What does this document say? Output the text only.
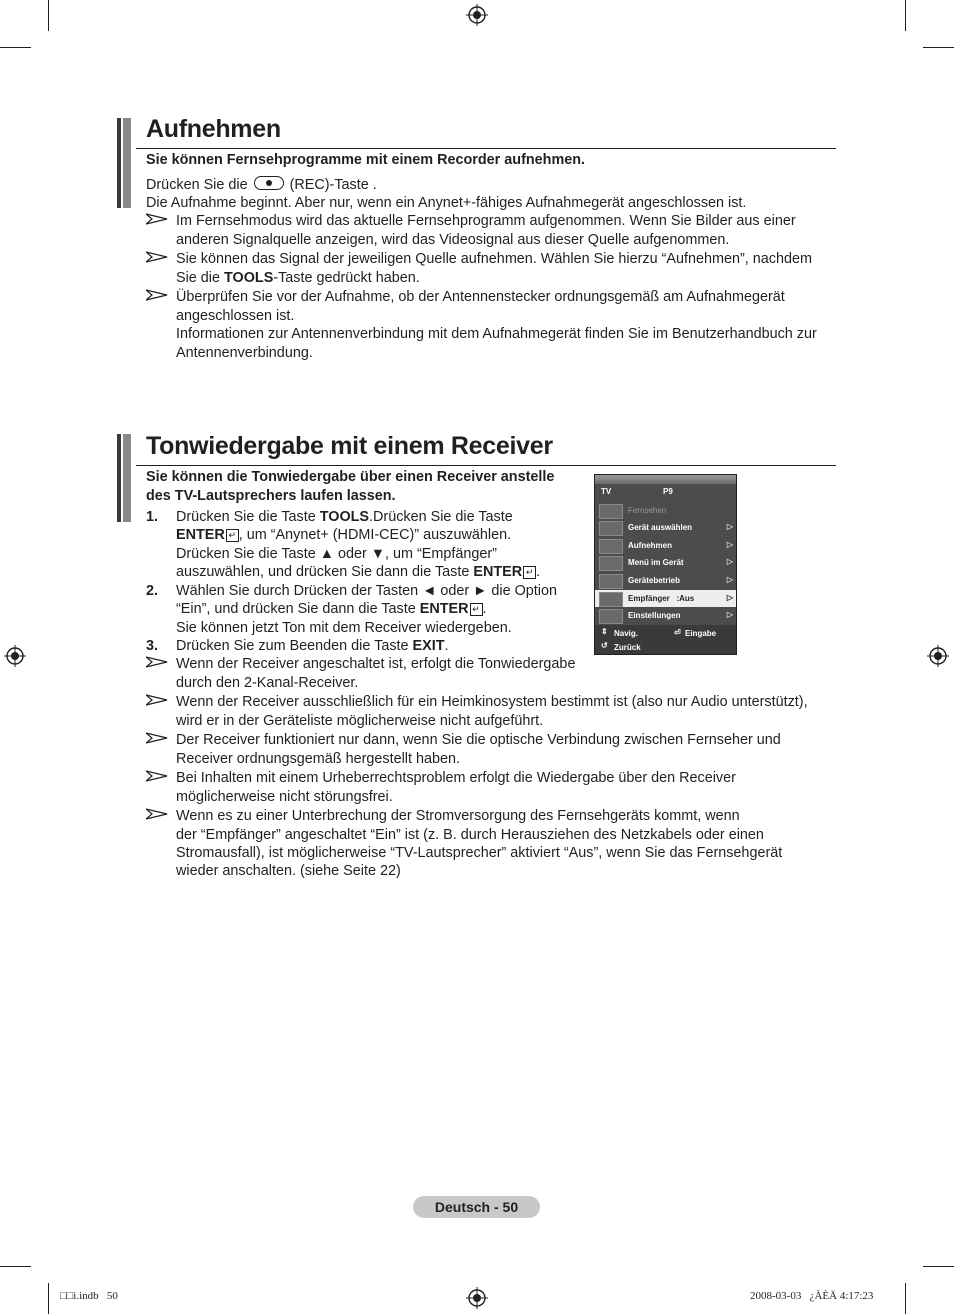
Aufnehmen
Sie können Fernsehprogramme mit einem Recorder aufnehmen.
Drücken Sie die	(REC)-Taste .
Die Aufnahme beginnt. Aber nur, wenn ein Anynet+-fähiges Aufnahmegerät angeschlossen ist.
Im Fernsehmodus wird das aktuelle Fernsehprogramm aufgenommen. Wenn Sie Bilder aus einer
anderen Signalquelle anzeigen, wird das Videosignal aus dieser Quelle aufgenommen.
Sie können das Signal der jeweiligen Quelle aufnehmen. Wählen Sie hierzu “Aufnehmen”, nachdem
Sie die TOOLS-Taste gedrückt haben.
Überprüfen Sie vor der Aufnahme, ob der Antennenstecker ordnungsgemäß am Aufnahmegerät
angeschlossen ist.
Informationen zur Antennenverbindung mit dem Aufnahmegerät finden Sie im Benutzerhandbuch zur
Antennenverbindung.
Tonwiedergabe mit einem Receiver
Sie können die Tonwiedergabe über einen Receiver anstelle
des TV-Lautsprechers laufen lassen.
1. Drücken Sie die Taste TOOLS.Drücken Sie die Taste
ENTER ↵ , um “Anynet+ (HDMI-CEC)” auszuwählen.
Drücken Sie die Taste ▲ oder ▼, um “Empfänger”
auszuwählen, und drücken Sie dann die Taste ENTER ↵ .
2. Wählen Sie durch Drücken der Tasten ◄ oder ► die Option
“Ein”, und drücken Sie dann die Taste ENTER ↵ .
Sie können jetzt Ton mit dem Receiver wiedergeben.
3. Drücken Sie zum Beenden die Taste EXIT.
Wenn der Receiver angeschaltet ist, erfolgt die Tonwiedergabe
durch den 2-Kanal-Receiver.
Wenn der Receiver ausschließlich für ein Heimkinosystem bestimmt ist (also nur Audio unterstützt),
wird er in der Geräteliste möglicherweise nicht aufgeführt.
Der Receiver funktioniert nur dann, wenn Sie die optische Verbindung zwischen Fernseher und
Receiver ordnungsgemäß hergestellt haben.
Bei Inhalten mit einem Urheberrechtsproblem erfolgt die Wiedergabe über den Receiver
möglicherweise nicht störungsfrei.
Wenn es zu einer Unterbrechung der Stromversorgung des Fernsehgeräts kommt, wenn
der “Empfänger” angeschaltet “Ein” ist (z. B. durch Herausziehen des Netzkabels oder einen
Stromausfall), ist möglicherweise “TV-Lautsprecher” aktiviert “Aus”, wenn Sie das Fernsehgerät
wieder anschalten. (siehe Seite 22)
TV	P9
Fernsehen
Gerät auswählen	▷
Aufnehmen	▷
Menü im Gerät	▷
Gerätebetrieb	▷
Empfänger   :Aus	▷
Einstellungen	▷
⇕ Navig.	⏎ Eingabe
↺ Zurück
Deutsch - 50
□□i.indb   50	2008-03-03   ¿ÀÈÄ 4:17:23
